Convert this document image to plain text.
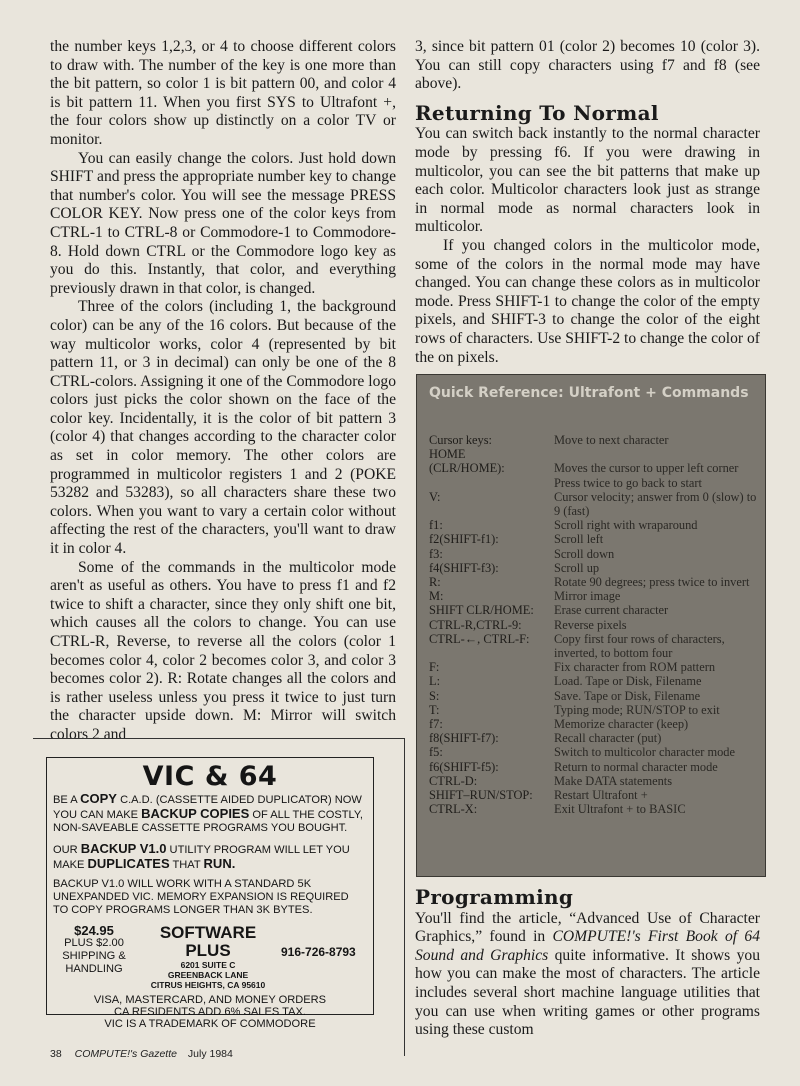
the number keys 1,2,3, or 4 to choose different colors to draw with. The number of the key is one more than the bit pattern, so color 1 is bit pattern 00, and color 4 is bit pattern 11. When you first SYS to Ultrafont +, the four colors show up distinctly on a color TV or monitor.

You can easily change the colors. Just hold down SHIFT and press the appropriate number key to change that number's color. You will see the message PRESS COLOR KEY. Now press one of the color keys from CTRL-1 to CTRL-8 or Commodore-1 to Commodore-8. Hold down CTRL or the Commodore logo key as you do this. Instantly, that color, and everything previously drawn in that color, is changed.

Three of the colors (including 1, the background color) can be any of the 16 colors. But because of the way multicolor works, color 4 (represented by bit pattern 11, or 3 in decimal) can only be one of the 8 CTRL-colors. Assigning it one of the Commodore logo colors just picks the color shown on the face of the color key. Incidentally, it is the color of bit pattern 3 (color 4) that changes according to the character color as set in color memory. The other colors are programmed in multicolor registers 1 and 2 (POKE 53282 and 53283), so all characters share these two colors. When you want to vary a certain color without affecting the rest of the characters, you'll want to draw it in color 4.

Some of the commands in the multicolor mode aren't as useful as others. You have to press f1 and f2 twice to shift a character, since they only shift one bit, which causes all the colors to change. You can use CTRL-R, Reverse, to reverse all the colors (color 1 becomes color 4, color 2 becomes color 3, and color 3 becomes color 2). R: Rotate changes all the colors and is rather useless unless you press it twice to just turn the character upside down. M: Mirror will switch colors 2 and

3, since bit pattern 01 (color 2) becomes 10 (color 3). You can still copy characters using f7 and f8 (see above).

Returning To Normal

You can switch back instantly to the normal character mode by pressing f6. If you were drawing in multicolor, you can see the bit patterns that make up each color. Multicolor characters look just as strange in normal mode as normal characters look in multicolor.

If you changed colors in the multicolor mode, some of the colors in the normal mode may have changed. You can change these colors as in multicolor mode. Press SHIFT-1 to change the color of the empty pixels, and SHIFT-3 to change the color of the eight rows of characters. Use SHIFT-2 to change the color of the on pixels.

Quick Reference: Ultrafont + Commands
Cursor keys:	Move to next character
HOME
(CLR/HOME):	Moves the cursor to upper left corner
Press twice to go back to start
V:	Cursor velocity; answer from 0 (slow) to 9 (fast)
f1:	Scroll right with wraparound
f2(SHIFT-f1):	Scroll left
f3:	Scroll down
f4(SHIFT-f3):	Scroll up
R:	Rotate 90 degrees; press twice to invert
M:	Mirror image
SHIFT CLR/HOME:	Erase current character
CTRL-R,CTRL-9:	Reverse pixels
CTRL-←, CTRL-F:	Copy first four rows of characters, inverted, to bottom four
F:	Fix character from ROM pattern
L:	Load. Tape or Disk, Filename
S:	Save. Tape or Disk, Filename
T:	Typing mode; RUN/STOP to exit
f7:	Memorize character (keep)
f8(SHIFT-f7):	Recall character (put)
f5:	Switch to multicolor character mode
f6(SHIFT-f5):	Return to normal character mode
CTRL-D:	Make DATA statements
SHIFT–RUN/STOP:	Restart Ultrafont +
CTRL-X:	Exit Ultrafont + to BASIC
Programming

You'll find the article, “Advanced Use of Character Graphics,” found in COMPUTE!'s First Book of 64 Sound and Graphics quite informative. It shows you how you can make the most of characters. The article includes several short machine language utilities that you can use when writing games or other programs using these custom

VIC & 64

BE A COPY C.A.D. (CASSETTE AIDED DUPLICATOR) NOW

YOU CAN MAKE BACKUP COPIES OF ALL THE COSTLY,

NON-SAVEABLE CASSETTE PROGRAMS YOU BOUGHT.

OUR BACKUP V1.0 UTILITY PROGRAM WILL LET YOU

MAKE DUPLICATES THAT RUN.

BACKUP V1.0 WILL WORK WITH A STANDARD 5K

UNEXPANDED VIC. MEMORY EXPANSION IS REQUIRED

TO COPY PROGRAMS LONGER THAN 3K BYTES.

$24.95
PLUS $2.00
SHIPPING &
HANDLING
SOFTWARE PLUS
6201 SUITE C
GREENBACK LANE
CITRUS HEIGHTS, CA 95610
916-726-8793
VISA, MASTERCARD, AND MONEY ORDERS
CA RESIDENTS ADD 6% SALES TAX.
VIC IS A TRADEMARK OF COMMODORE
38 COMPUTE!'s Gazette July 1984
